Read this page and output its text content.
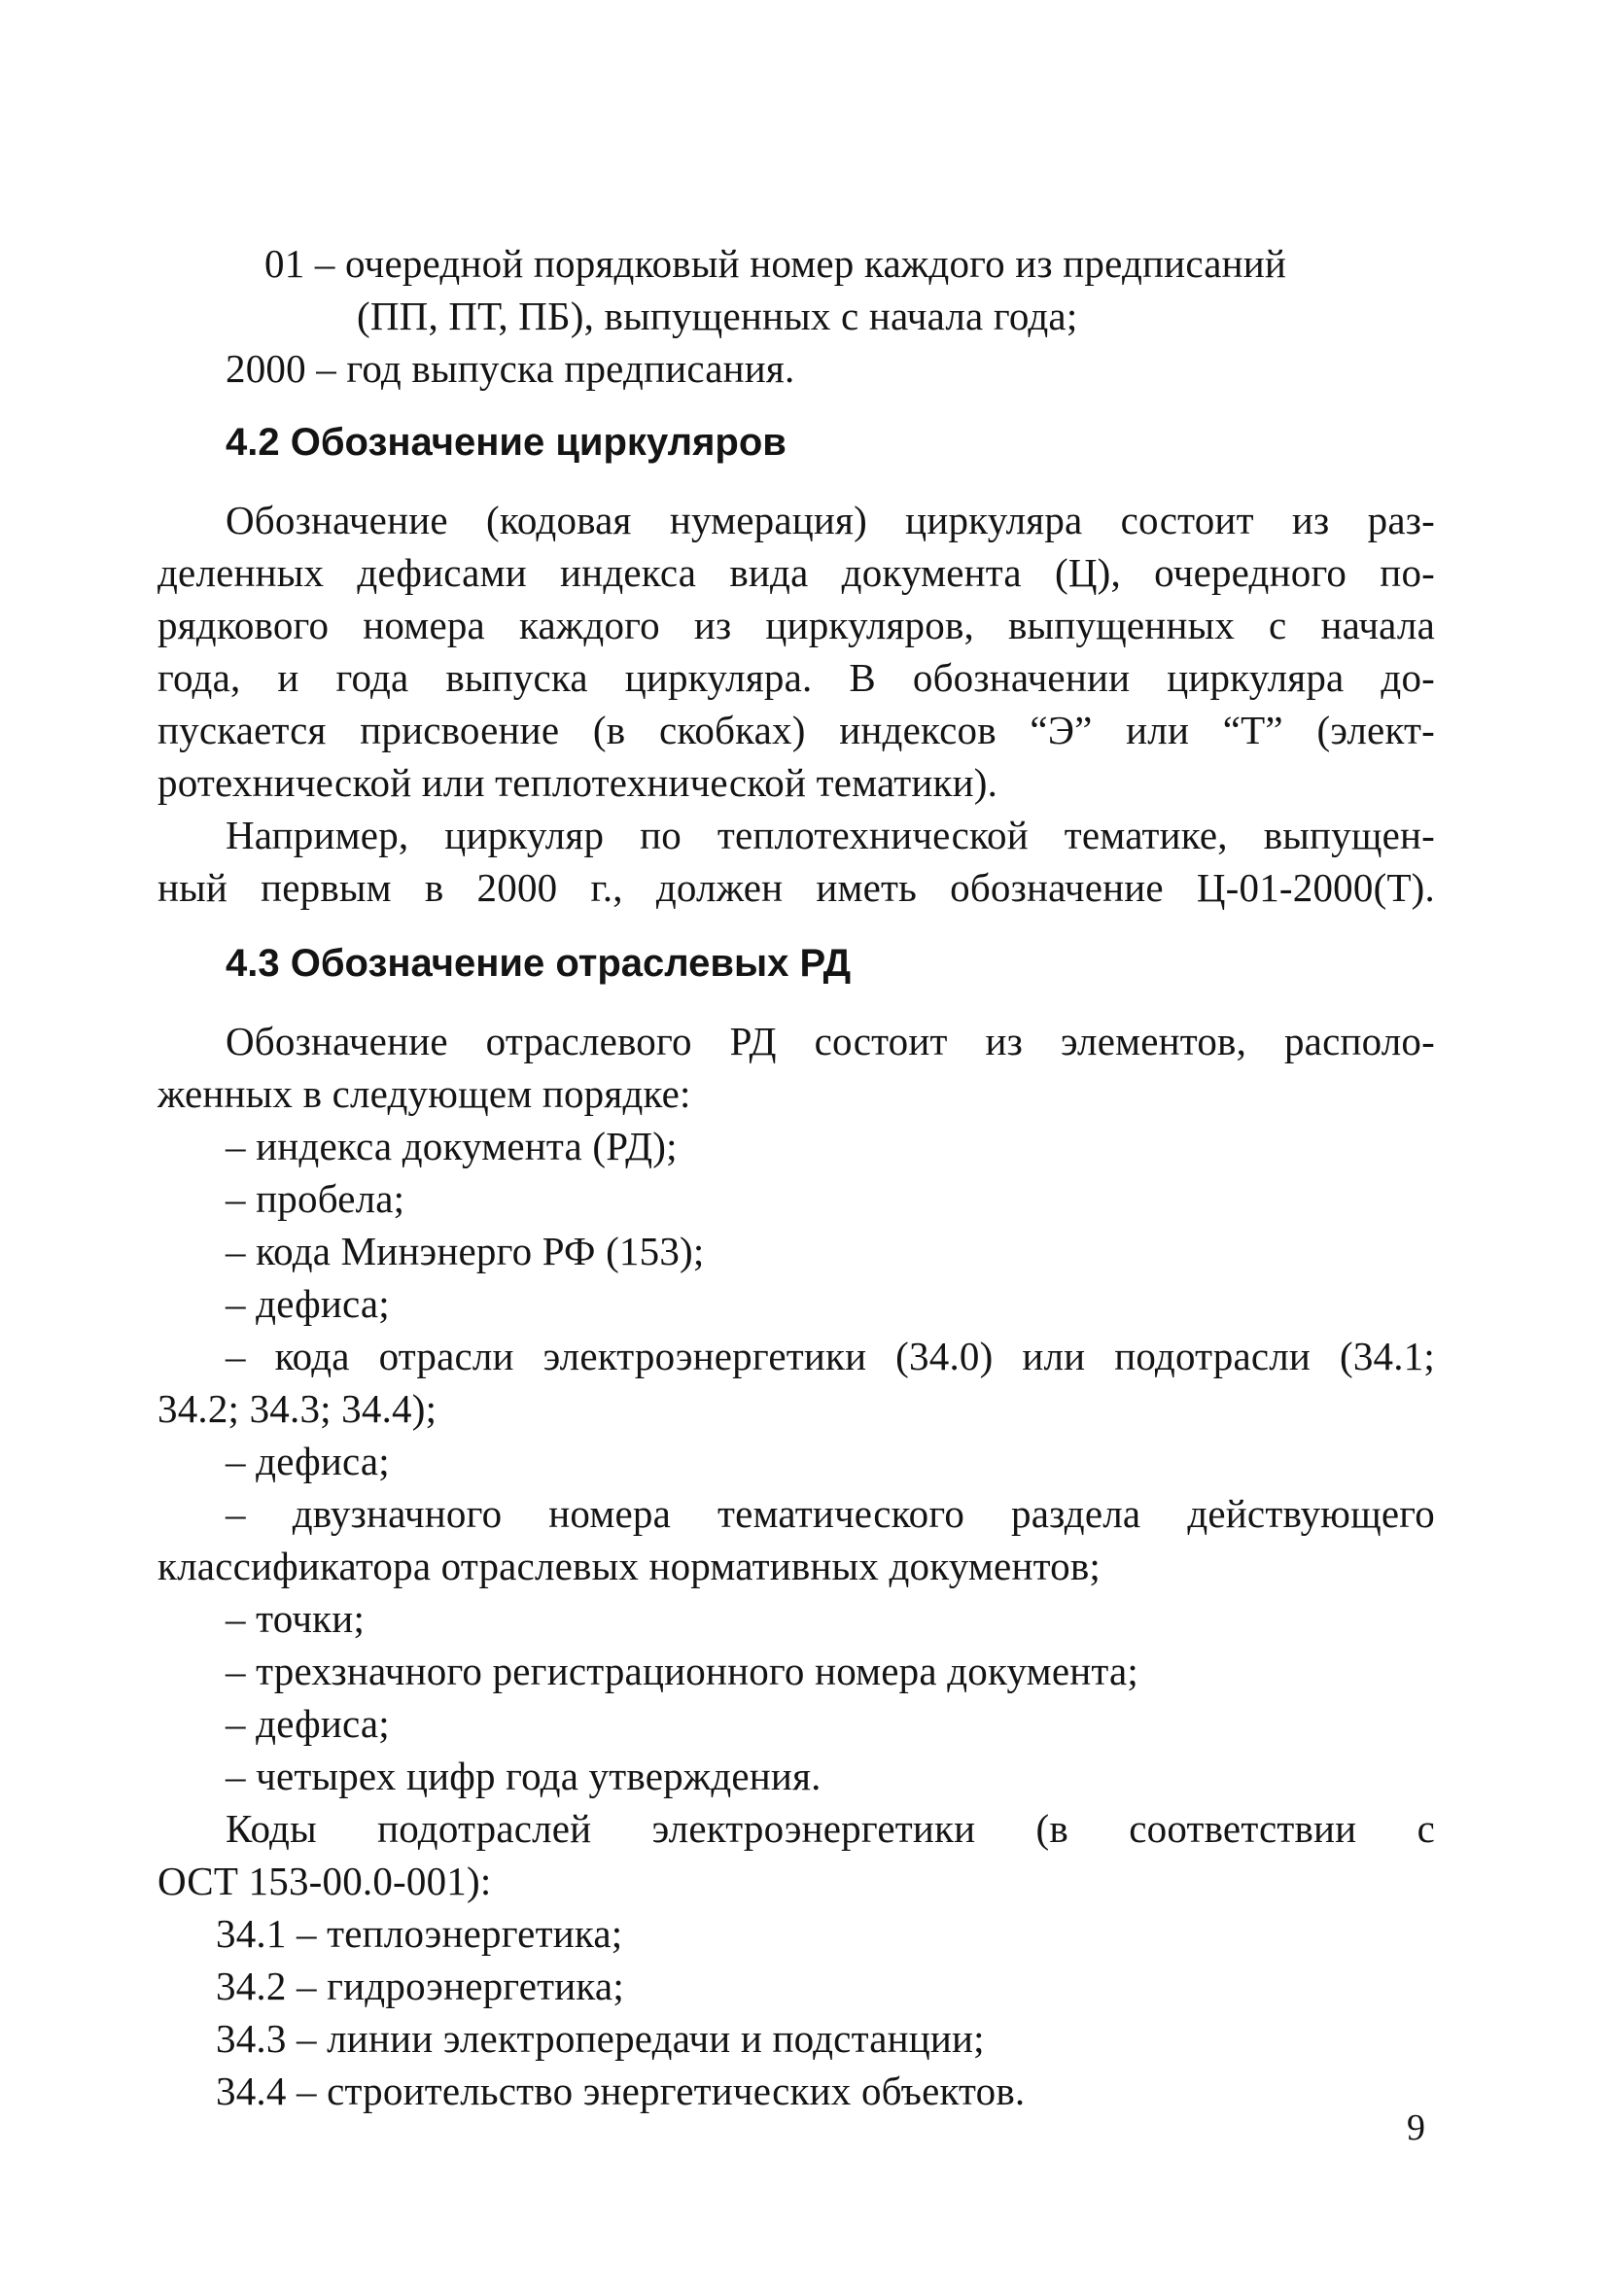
01 – очередной порядковый номер каждого из предписаний

(ПП, ПТ, ПБ), выпущенных с начала года;

2000 – год выпуска предписания.

4.2 Обозначение циркуляров

Обозначение (кодовая нумерация) циркуляра состоит из раз-

деленных дефисами индекса вида документа (Ц), очередного по-

рядкового номера каждого из циркуляров, выпущенных с начала

года, и года выпуска циркуляра. В обозначении циркуляра до-

пускается присвоение (в скобках) индексов “Э” или “Т” (элект-

ротехнической или теплотехнической тематики).

Например, циркуляр по теплотехнической тематике, выпущен-

ный первым в 2000 г., должен иметь обозначение Ц-01-2000(Т).

4.3 Обозначение отраслевых РД

Обозначение отраслевого РД состоит из элементов, располо-

женных в следующем порядке:

– индекса документа (РД);

– пробела;

– кода Минэнерго РФ (153);

– дефиса;

– кода отрасли электроэнергетики (34.0) или подотрасли (34.1;

34.2; 34.3; 34.4);

– дефиса;

– двузначного номера тематического раздела действующего

классификатора отраслевых нормативных документов;

– точки;

– трехзначного регистрационного номера документа;

– дефиса;

– четырех цифр года утверждения.

Коды подотраслей электроэнергетики (в соответствии с

ОСТ 153-00.0-001):

34.1 – теплоэнергетика;

34.2 – гидроэнергетика;

34.3 – линии электропередачи и подстанции;

34.4 – строительство энергетических объектов.

9
